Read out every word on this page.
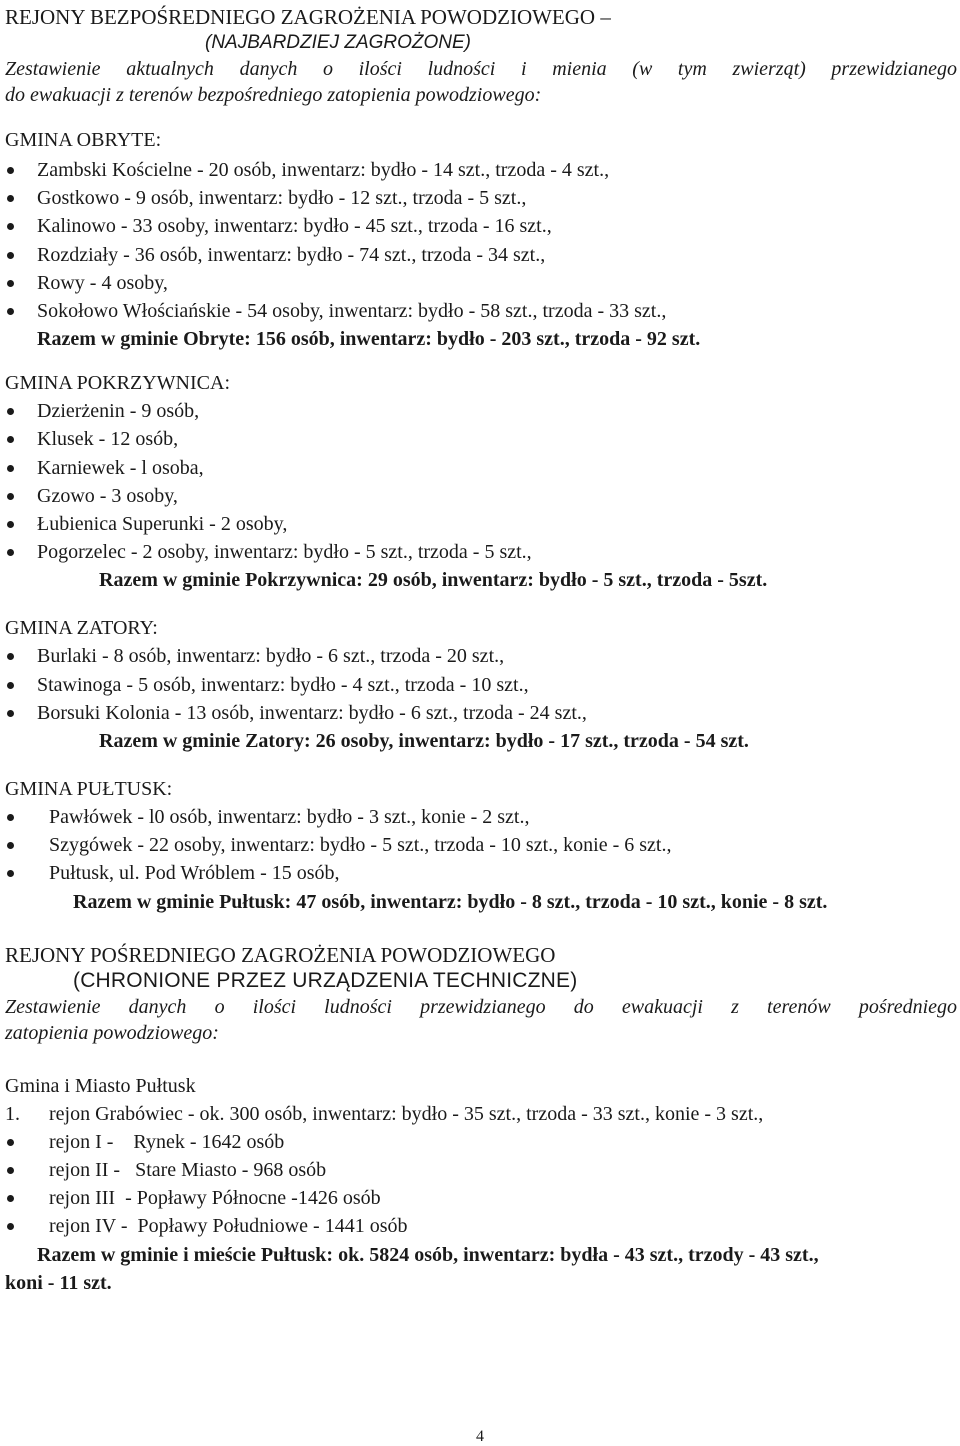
REJONY BEZPOŚREDNIEGO ZAGROŻENIA POWODZIOWEGO –
(NAJBARDZIEJ ZAGROŻONE)
Zestawienie aktualnych danych o ilości ludności i mienia (w tym zwierząt) przewidzianego
do ewakuacji z terenów bezpośredniego zatopienia powodziowego:
GMINA OBRYTE:
Zambski Kościelne - 20 osób, inwentarz: bydło - 14 szt., trzoda - 4 szt.,
Gostkowo - 9 osób, inwentarz: bydło - 12 szt., trzoda - 5 szt.,
Kalinowo - 33 osoby, inwentarz: bydło - 45 szt., trzoda - 16 szt.,
Rozdziały - 36 osób, inwentarz: bydło - 74 szt., trzoda - 34 szt.,
Rowy - 4 osoby,
Sokołowo Włościańskie - 54 osoby, inwentarz: bydło - 58 szt., trzoda - 33 szt.,
Razem w gminie Obryte: 156 osób, inwentarz: bydło - 203 szt., trzoda - 92 szt.
GMINA POKRZYWNICA:
Dzierżenin - 9 osób,
Klusek - 12 osób,
Karniewek - l osoba,
Gzowo - 3 osoby,
Łubienica Superunki - 2 osoby,
Pogorzelec - 2 osoby, inwentarz: bydło - 5 szt., trzoda - 5 szt.,
Razem w gminie Pokrzywnica: 29 osób, inwentarz: bydło - 5 szt., trzoda - 5szt.
GMINA ZATORY:
Burlaki - 8 osób, inwentarz: bydło - 6 szt., trzoda - 20 szt.,
Stawinoga - 5 osób, inwentarz: bydło - 4 szt., trzoda - 10 szt.,
Borsuki Kolonia - 13 osób, inwentarz: bydło - 6 szt., trzoda - 24 szt.,
Razem w gminie Zatory: 26 osoby, inwentarz: bydło - 17 szt., trzoda - 54 szt.
GMINA PUŁTUSK:
Pawłówek - l0 osób, inwentarz: bydło - 3 szt., konie - 2 szt.,
Szygówek - 22 osoby, inwentarz: bydło - 5 szt., trzoda - 10 szt., konie - 6 szt.,
Pułtusk, ul. Pod Wróblem - 15 osób,
Razem w gminie Pułtusk: 47 osób, inwentarz: bydło - 8 szt., trzoda - 10 szt., konie - 8 szt.
REJONY POŚREDNIEGO ZAGROŻENIA POWODZIOWEGO
(CHRONIONE PRZEZ URZĄDZENIA TECHNICZNE)
Zestawienie danych o ilości ludności przewidzianego do ewakuacji z terenów pośredniego
zatopienia powodziowego:
Gmina i Miasto Pułtusk
1. rejon Grabówiec - ok. 300 osób, inwentarz: bydło - 35 szt., trzoda - 33 szt., konie - 3 szt.,
rejon I -    Rynek - 1642 osób
rejon II -   Stare Miasto - 968 osób
rejon III  - Popławy Północne -1426 osób
rejon IV -  Popławy Południowe - 1441 osób
Razem w gminie i mieście Pułtusk: ok. 5824 osób, inwentarz: bydła - 43 szt., trzody - 43 szt.,
koni - 11 szt.
4
